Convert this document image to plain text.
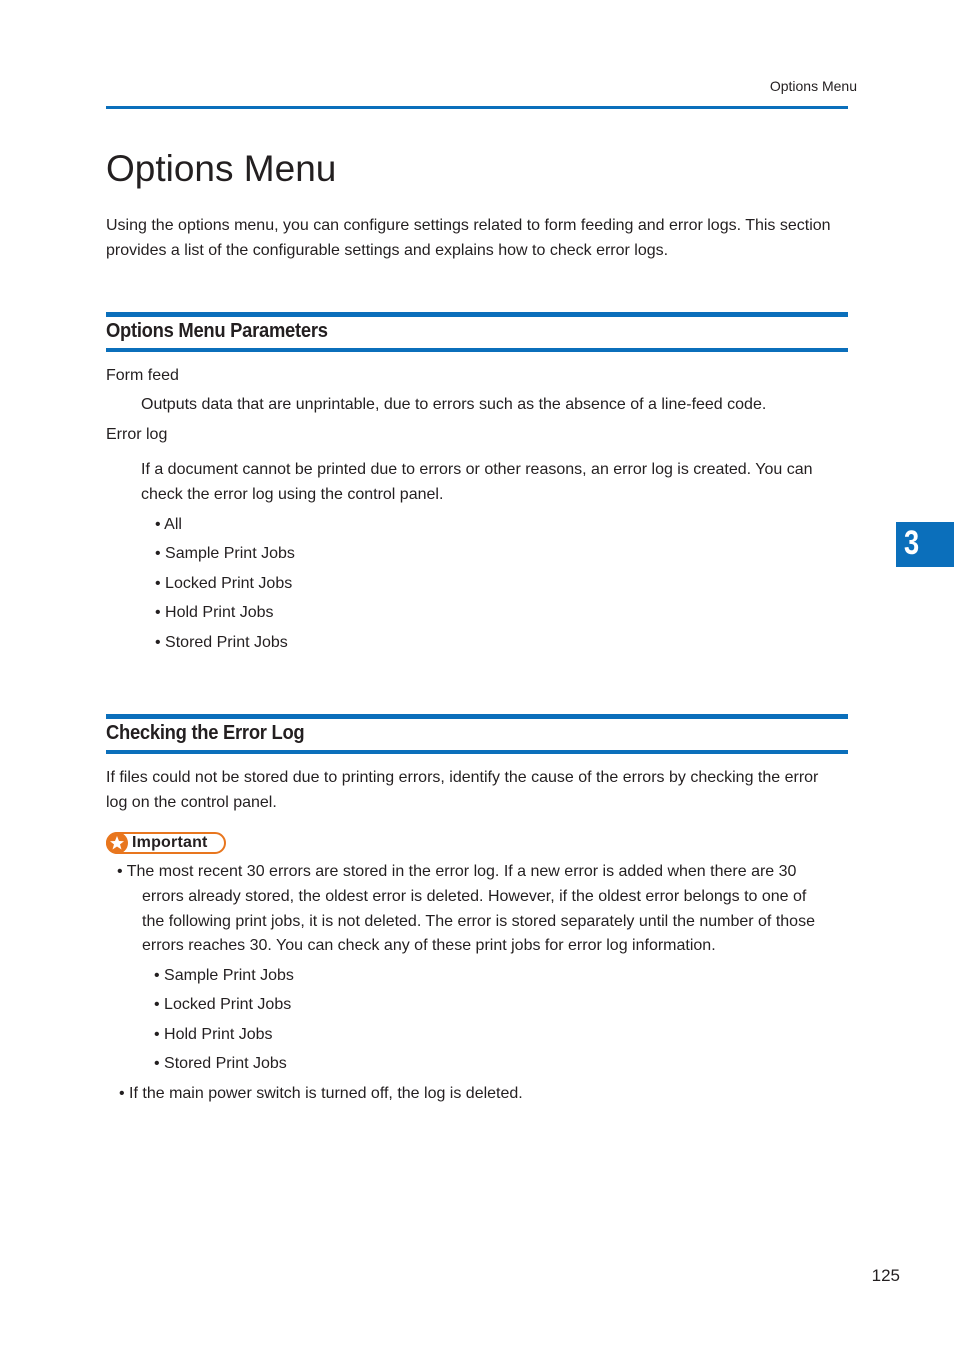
Options Menu
Options Menu
Using the options menu, you can configure settings related to form feeding and error logs. This section
provides a list of the configurable settings and explains how to check error logs.
Options Menu Parameters
Form feed
Outputs data that are unprintable, due to errors such as the absence of a line-feed code.
Error log
If a document cannot be printed due to errors or other reasons, an error log is created. You can
check the error log using the control panel.
• All
• Sample Print Jobs
• Locked Print Jobs
• Hold Print Jobs
• Stored Print Jobs
3
Checking the Error Log
If files could not be stored due to printing errors, identify the cause of the errors by checking the error
log on the control panel.
Important
• The most recent 30 errors are stored in the error log. If a new error is added when there are 30
errors already stored, the oldest error is deleted. However, if the oldest error belongs to one of
the following print jobs, it is not deleted. The error is stored separately until the number of those
errors reaches 30. You can check any of these print jobs for error log information.
• Sample Print Jobs
• Locked Print Jobs
• Hold Print Jobs
• Stored Print Jobs
• If the main power switch is turned off, the log is deleted.
125
